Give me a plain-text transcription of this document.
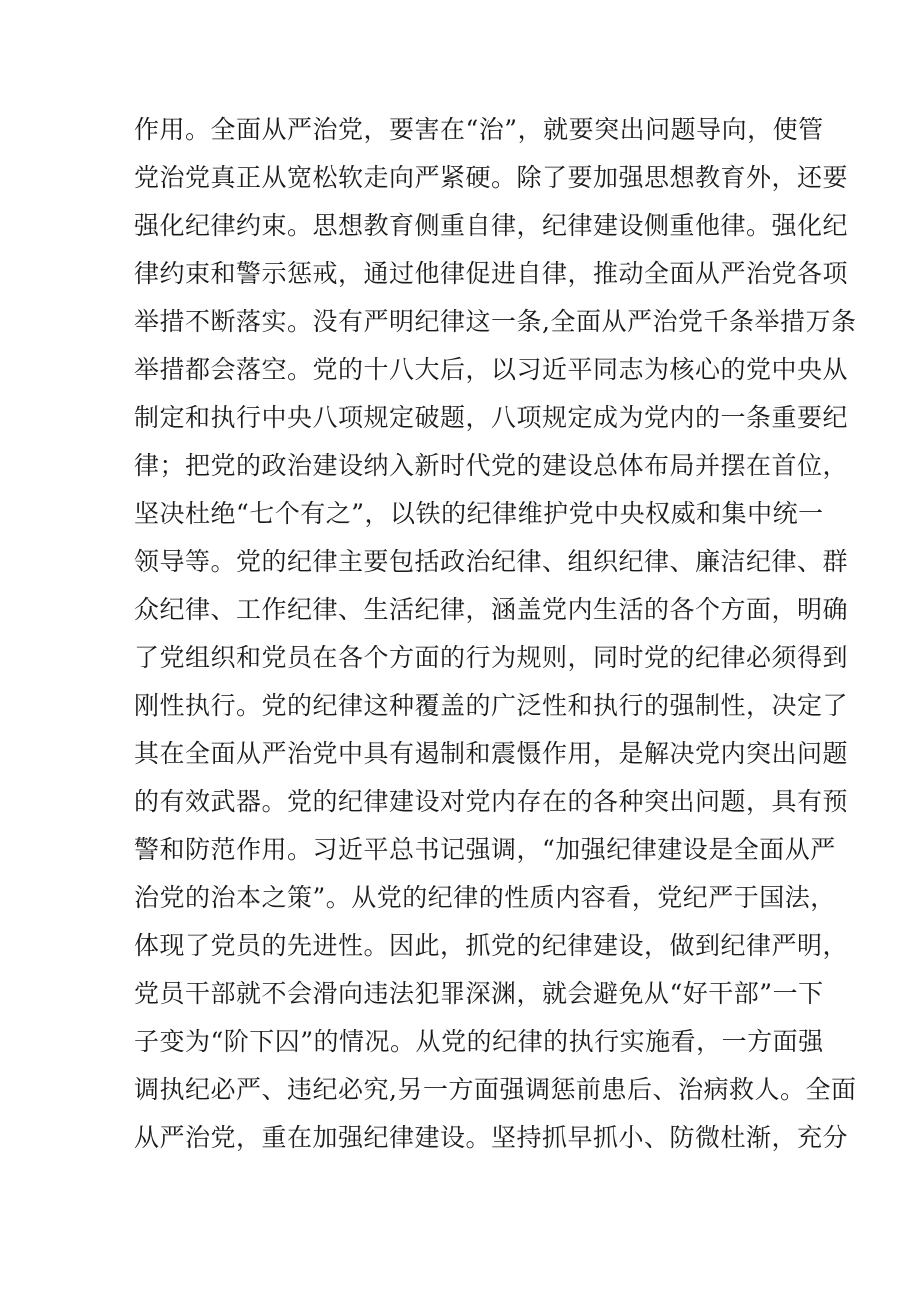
作用。全面从严治党，要害在“治”，就要突出问题导向，使管
党治党真正从宽松软走向严紧硬。除了要加强思想教育外，还要
强化纪律约束。思想教育侧重自律，纪律建设侧重他律。强化纪
律约束和警示惩戒，通过他律促进自律，推动全面从严治党各项
举措不断落实。没有严明纪律这一条,全面从严治党千条举措万条
举措都会落空。党的十八大后，以习近平同志为核心的党中央从
制定和执行中央八项规定破题，八项规定成为党内的一条重要纪
律；把党的政治建设纳入新时代党的建设总体布局并摆在首位，
坚决杜绝“七个有之”，以铁的纪律维护党中央权威和集中统一
领导等。党的纪律主要包括政治纪律、组织纪律、廉洁纪律、群
众纪律、工作纪律、生活纪律，涵盖党内生活的各个方面，明确
了党组织和党员在各个方面的行为规则，同时党的纪律必须得到
刚性执行。党的纪律这种覆盖的广泛性和执行的强制性，决定了
其在全面从严治党中具有遏制和震慑作用，是解决党内突出问题
的有效武器。党的纪律建设对党内存在的各种突出问题，具有预
警和防范作用。习近平总书记强调，“加强纪律建设是全面从严
治党的治本之策”。从党的纪律的性质内容看，党纪严于国法，
体现了党员的先进性。因此，抓党的纪律建设，做到纪律严明，
党员干部就不会滑向违法犯罪深渊，就会避免从“好干部”一下
子变为“阶下囚”的情况。从党的纪律的执行实施看，一方面强
调执纪必严、违纪必究,另一方面强调惩前患后、治病救人。全面
从严治党，重在加强纪律建设。坚持抓早抓小、防微杜渐，充分
